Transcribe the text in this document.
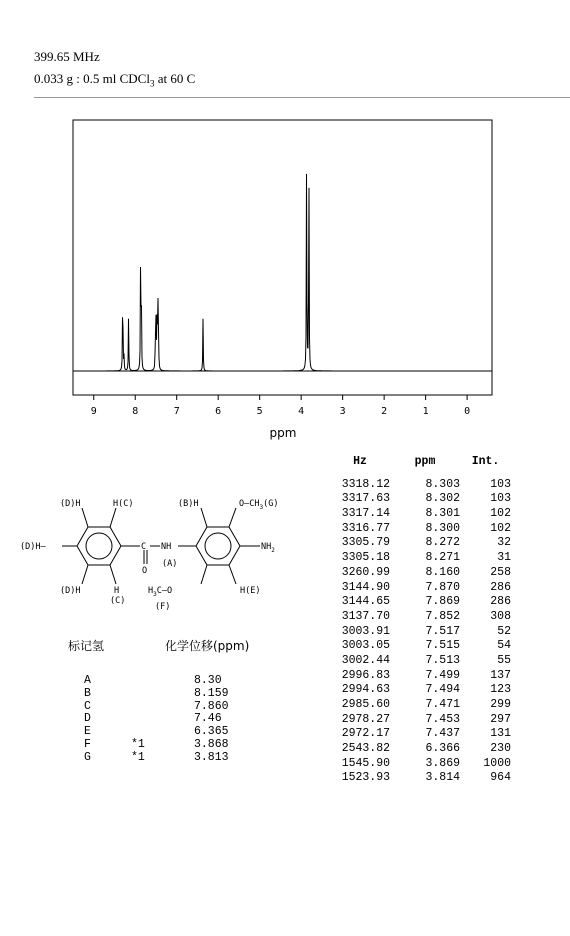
399.65 MHz
0.033 g : 0.5 ml CDCl$_3$ at 60 C
9	8	7	6	5	4	3	2	1	0
ppm
Hz	ppm	Int.
3318.12	8.303	103
3317.63	8.302	103
3317.14	8.301	102
3316.77	8.300	102
3305.79	8.272	32
3305.18	8.271	31
3260.99	8.160	258
3144.90	7.870	286
3144.65	7.869	286
3137.70	7.852	308
3003.91	7.517	52
3003.05	7.515	54
3002.44	7.513	55
2996.83	7.499	137
2994.63	7.494	123
2985.60	7.471	299
2978.27	7.453	297
2972.17	7.437	131
2543.82	6.366	230
1545.90	3.869	1000
1523.93	3.814	964
(D)H	H(C)	(B)H	$O—CH_3(G)$
(D)H—	C NH
(A)
$NH_2$
O
(D)H	H
(C)
$H_3C—O$
(F)
H(E)
标记氢	化学位移(ppm)
A	8.30
B	8.159
C	7.860
D	7.46
E	6.365
F	*1	3.868
G	*1	3.813
